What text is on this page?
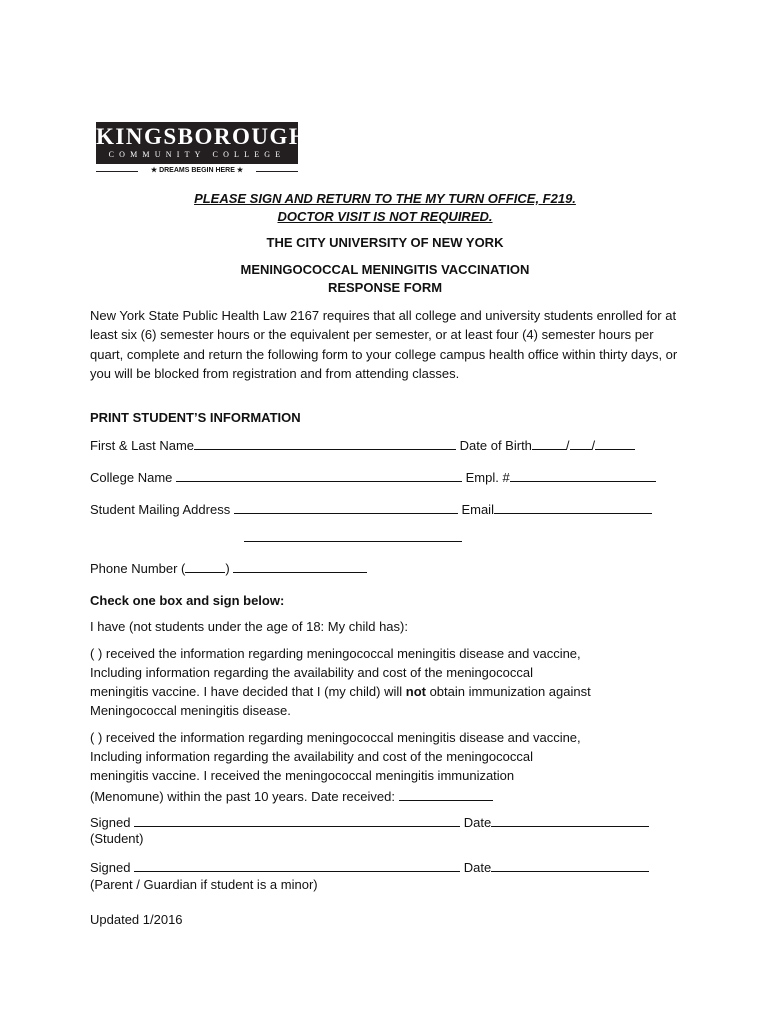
KINGSBOROUGH
COMMUNITY COLLEGE
★ DREAMS BEGIN HERE ★
PLEASE SIGN AND RETURN TO THE MY TURN OFFICE, F219.
DOCTOR VISIT IS NOT REQUIRED.
THE CITY UNIVERSITY OF NEW YORK
MENINGOCOCCAL MENINGITIS VACCINATION
RESPONSE FORM
New York State Public Health Law 2167 requires that all college and university students enrolled for at least six (6) semester hours or the equivalent per semester, or at least four (4) semester hours per quart, complete and return the following form to your college campus health office within thirty days, or you will be blocked from registration and from attending classes.
PRINT STUDENT’S INFORMATION
First & Last Name	Date of Birth	/ /
College Name	Empl. #
Student Mailing Address	Email
Phone Number (	)
Check one box and sign below:
I have (not students under the age of 18: My child has):
( ) received the information regarding meningococcal meningitis disease and vaccine,
Including information regarding the availability and cost of the meningococcal
meningitis vaccine. I have decided that I (my child) will not obtain immunization against
Meningococcal meningitis disease.
( ) received the information regarding meningococcal meningitis disease and vaccine,
Including information regarding the availability and cost of the meningococcal
meningitis vaccine. I received the meningococcal meningitis immunization
(Menomune) within the past 10 years. Date received:
Signed	Date
(Student)
Signed	Date
(Parent / Guardian if student is a minor)
Updated 1/2016
